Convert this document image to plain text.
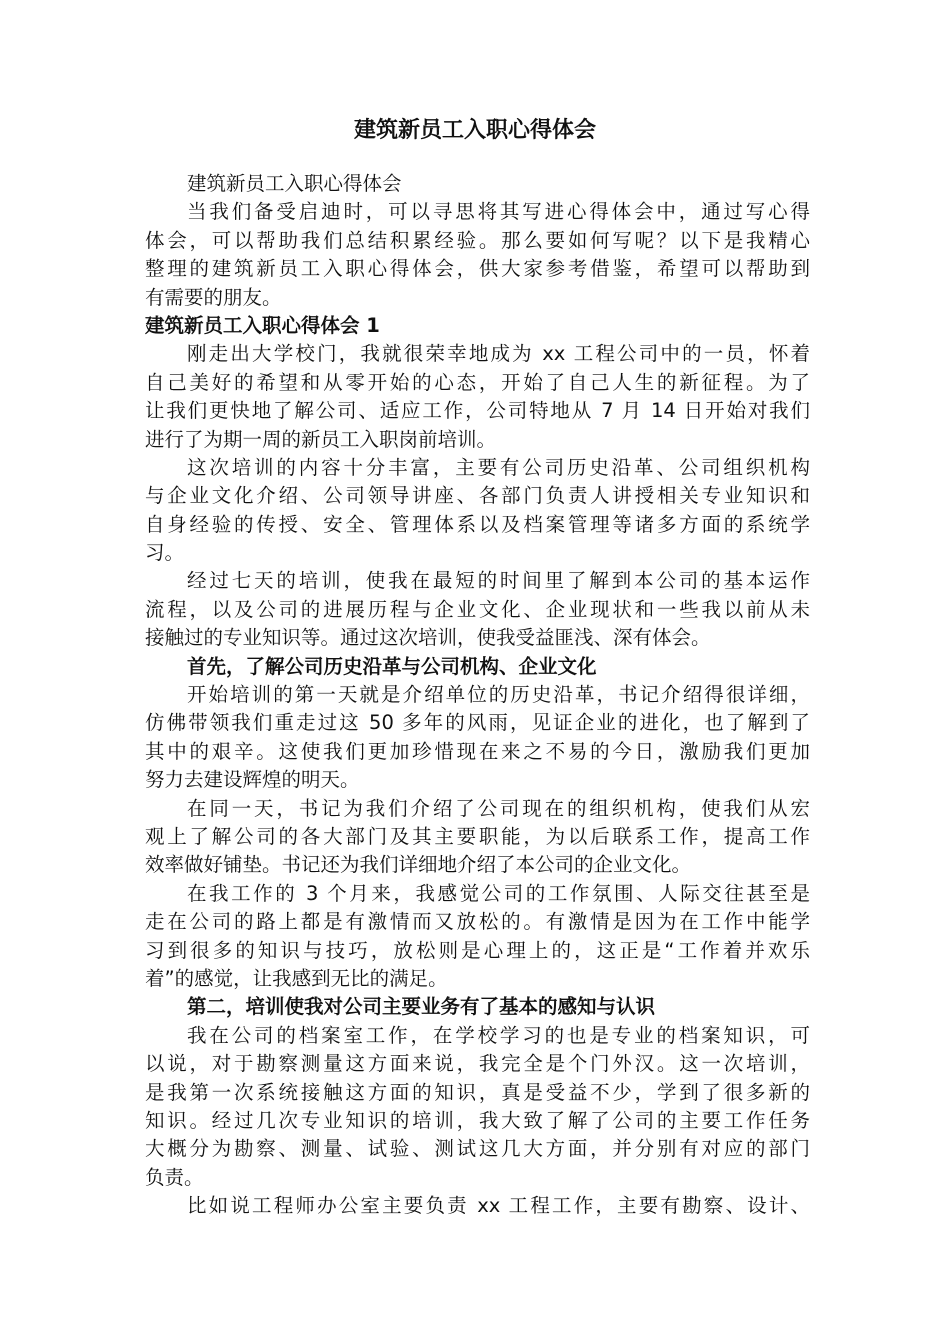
建筑新员工入职心得体会
建筑新员工入职心得体会
当我们备受启迪时，可以寻思将其写进心得体会中，通过写心得
体会，可以帮助我们总结积累经验。那么要如何写呢？以下是我精心
整理的建筑新员工入职心得体会，供大家参考借鉴，希望可以帮助到
有需要的朋友。
建筑新员工入职心得体会 1
刚走出大学校门，我就很荣幸地成为 xx 工程公司中的一员，怀着
自己美好的希望和从零开始的心态，开始了自己人生的新征程。为了
让我们更快地了解公司、适应工作，公司特地从 7 月 14 日开始对我们
进行了为期一周的新员工入职岗前培训。
这次培训的内容十分丰富，主要有公司历史沿革、公司组织机构
与企业文化介绍、公司领导讲座、各部门负责人讲授相关专业知识和
自身经验的传授、安全、管理体系以及档案管理等诸多方面的系统学
习。
经过七天的培训，使我在最短的时间里了解到本公司的基本运作
流程，以及公司的进展历程与企业文化、企业现状和一些我以前从未
接触过的专业知识等。通过这次培训，使我受益匪浅、深有体会。
首先，了解公司历史沿革与公司机构、企业文化
开始培训的第一天就是介绍单位的历史沿革，书记介绍得很详细，
仿佛带领我们重走过这 50 多年的风雨，见证企业的进化，也了解到了
其中的艰辛。这使我们更加珍惜现在来之不易的今日，激励我们更加
努力去建设辉煌的明天。
在同一天，书记为我们介绍了公司现在的组织机构，使我们从宏
观上了解公司的各大部门及其主要职能，为以后联系工作，提高工作
效率做好铺垫。书记还为我们详细地介绍了本公司的企业文化。
在我工作的 3 个月来，我感觉公司的工作氛围、人际交往甚至是
走在公司的路上都是有激情而又放松的。有激情是因为在工作中能学
习到很多的知识与技巧，放松则是心理上的，这正是“工作着并欢乐
着”的感觉，让我感到无比的满足。
第二，培训使我对公司主要业务有了基本的感知与认识
我在公司的档案室工作，在学校学习的也是专业的档案知识，可
以说，对于勘察测量这方面来说，我完全是个门外汉。这一次培训，
是我第一次系统接触这方面的知识，真是受益不少，学到了很多新的
知识。经过几次专业知识的培训，我大致了解了公司的主要工作任务
大概分为勘察、测量、试验、测试这几大方面，并分别有对应的部门
负责。
比如说工程师办公室主要负责 xx 工程工作，主要有勘察、设计、
